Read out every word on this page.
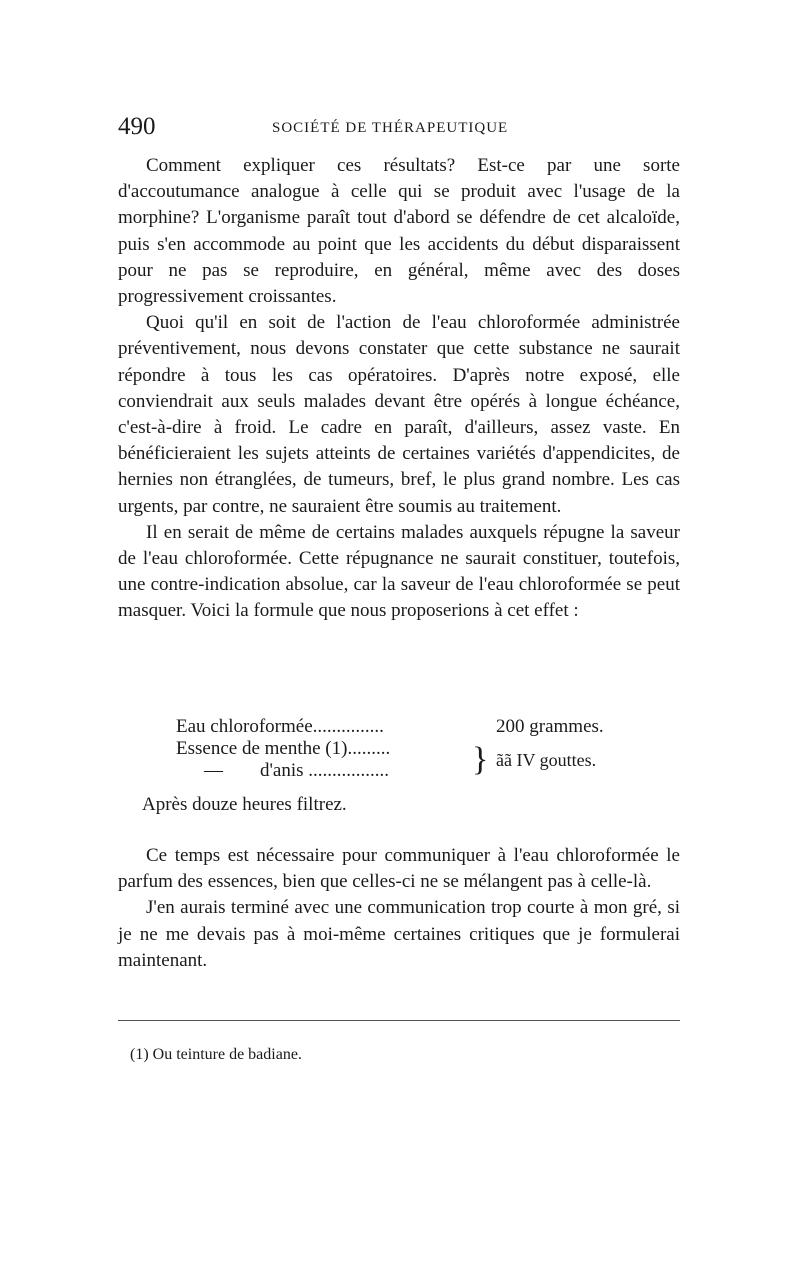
490	SOCIÉTÉ DE THÉRAPEUTIQUE

Comment expliquer ces résultats? Est-ce par une sorte d'accoutumance analogue à celle qui se produit avec l'usage de la morphine? L'organisme paraît tout d'abord se défendre de cet alcaloïde, puis s'en accommode au point que les accidents du début disparaissent pour ne pas se reproduire, en général, même avec des doses progressivement croissantes.

Quoi qu'il en soit de l'action de l'eau chloroformée administrée préventivement, nous devons constater que cette substance ne saurait répondre à tous les cas opératoires. D'après notre exposé, elle conviendrait aux seuls malades devant être opérés à longue échéance, c'est-à-dire à froid. Le cadre en paraît, d'ailleurs, assez vaste. En bénéficieraient les sujets atteints de certaines variétés d'appendicites, de hernies non étranglées, de tumeurs, bref, le plus grand nombre. Les cas urgents, par contre, ne sauraient être soumis au traitement.

Il en serait de même de certains malades auxquels répugne la saveur de l'eau chloroformée. Cette répugnance ne saurait constituer, toutefois, une contre-indication absolue, car la saveur de l'eau chloroformée se peut masquer. Voici la formule que nous proposerions à cet effet :

Eau chloroformée...............	200 grammes.
Essence de menthe (1).........
— d'anis ................. } ãã IV gouttes.
Après douze heures filtrez.

Ce temps est nécessaire pour communiquer à l'eau chloroformée le parfum des essences, bien que celles-ci ne se mélangent pas à celle-là.

J'en aurais terminé avec une communication trop courte à mon gré, si je ne me devais pas à moi-même certaines critiques que je formulerai maintenant.

(1) Ou teinture de badiane.
